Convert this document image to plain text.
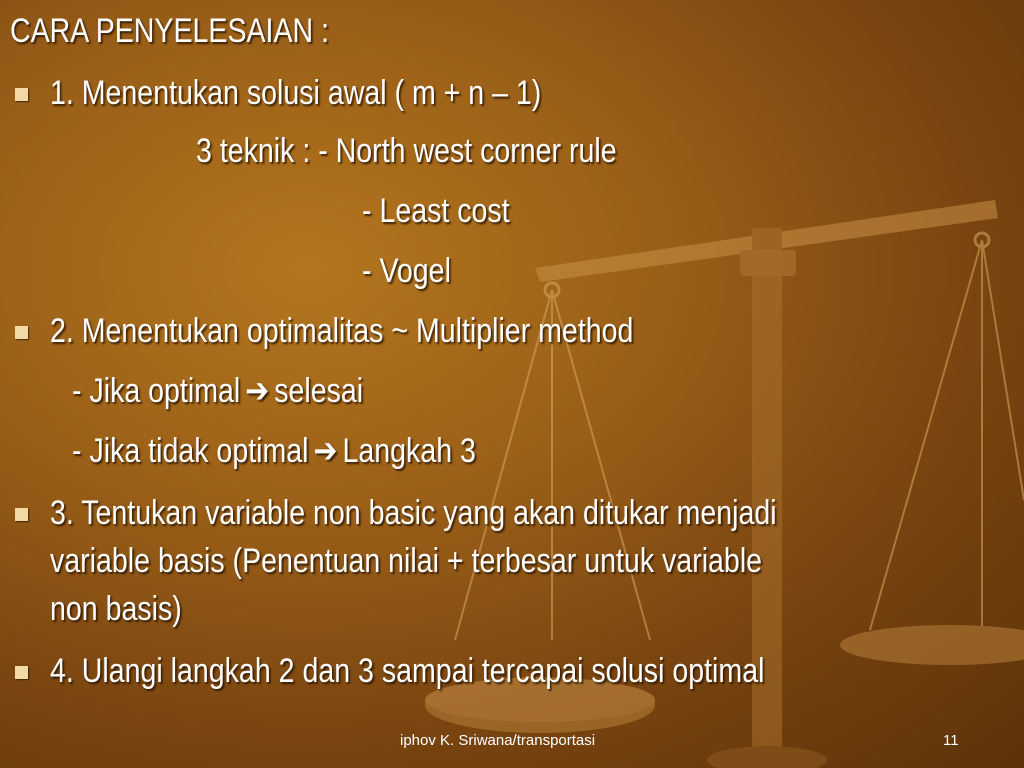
CARA PENYELESAIAN :
1. Menentukan solusi awal ( m + n – 1)
3 teknik : - North west corner rule
- Least cost
- Vogel
2. Menentukan optimalitas ~ Multiplier method
- Jika optimal ➔ selesai
- Jika tidak optimal ➔ Langkah 3
3. Tentukan variable non basic yang akan ditukar menjadi
variable basis (Penentuan nilai + terbesar untuk variable
non basis)
4. Ulangi langkah 2 dan 3 sampai tercapai solusi optimal
iphov K. Sriwana/transportasi	11
